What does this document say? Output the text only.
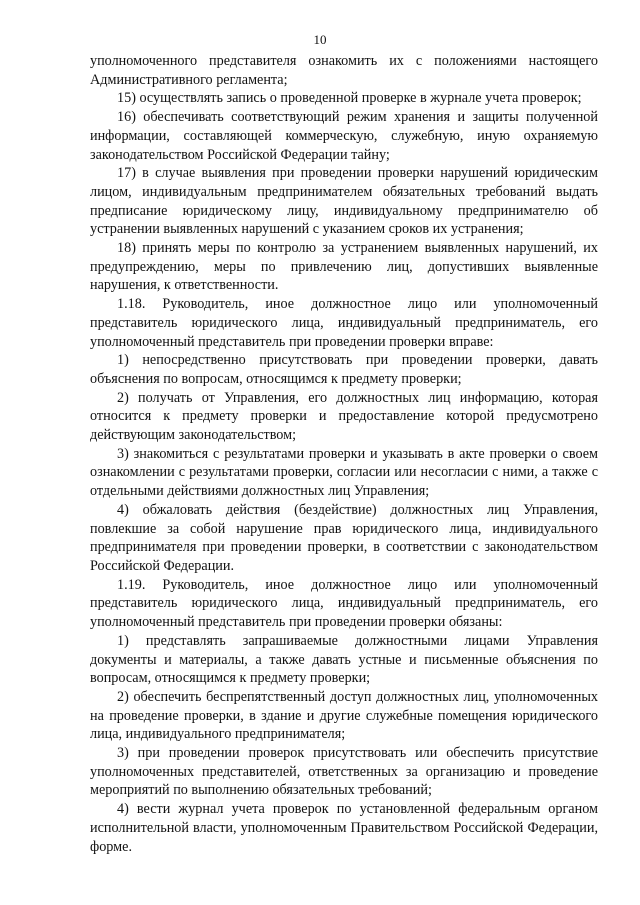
10

уполномоченного представителя ознакомить их с положениями настоящего Административного регламента;

15) осуществлять запись о проведенной проверке в журнале учета проверок;

16) обеспечивать соответствующий режим хранения и защиты полученной информации, составляющей коммерческую, служебную, иную охраняемую законодательством Российской Федерации тайну;

17) в случае выявления при проведении проверки нарушений юридическим лицом, индивидуальным предпринимателем обязательных требований выдать предписание юридическому лицу, индивидуальному предпринимателю об устранении выявленных нарушений с указанием сроков их устранения;

18) принять меры по контролю за устранением выявленных нарушений, их предупреждению, меры по привлечению лиц, допустивших выявленные нарушения, к ответственности.

1.18. Руководитель, иное должностное лицо или уполномоченный представитель юридического лица, индивидуальный предприниматель, его уполномоченный представитель при проведении проверки вправе:

1) непосредственно присутствовать при проведении проверки, давать объяснения по вопросам, относящимся к предмету проверки;

2) получать от Управления, его должностных лиц информацию, которая относится к предмету проверки и предоставление которой предусмотрено действующим законодательством;

3) знакомиться с результатами проверки и указывать в акте проверки о своем ознакомлении с результатами проверки, согласии или несогласии с ними, а также с отдельными действиями должностных лиц Управления;

4) обжаловать действия (бездействие) должностных лиц Управления, повлекшие за собой нарушение прав юридического лица, индивидуального предпринимателя при проведении проверки, в соответствии с законодательством Российской Федерации.

1.19. Руководитель, иное должностное лицо или уполномоченный представитель юридического лица, индивидуальный предприниматель, его уполномоченный представитель при проведении проверки обязаны:

1) представлять запрашиваемые должностными лицами Управления документы и материалы, а также давать устные и письменные объяснения по вопросам, относящимся к предмету проверки;

2) обеспечить беспрепятственный доступ должностных лиц, уполномоченных на проведение проверки, в здание и другие служебные помещения юридического лица, индивидуального предпринимателя;

3) при проведении проверок присутствовать или обеспечить присутствие уполномоченных представителей, ответственных за организацию и проведение мероприятий по выполнению обязательных требований;

4) вести журнал учета проверок по установленной федеральным органом исполнительной власти, уполномоченным Правительством Российской Федерации, форме.
